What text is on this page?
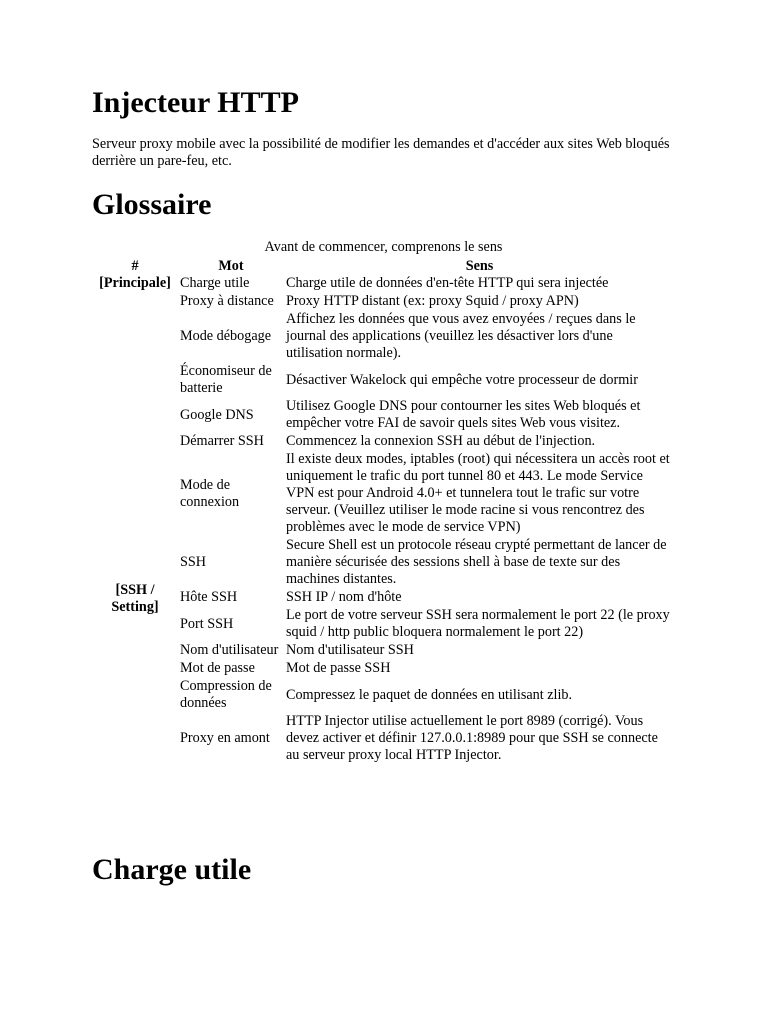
Injecteur HTTP

Serveur proxy mobile avec la possibilité de modifier les demandes et d'accéder aux sites Web bloqués derrière un pare-feu, etc.

Glossaire
Avant de commencer, comprenons le sens
#	Mot	Sens
[Principale]	Charge utile	Charge utile de données d'en-tête HTTP qui sera injectée
	Proxy à distance	Proxy HTTP distant (ex: proxy Squid / proxy APN)
	Mode débogage	Affichez les données que vous avez envoyées / reçues dans le journal des applications (veuillez les désactiver lors d'une utilisation normale).
	Économiseur de batterie	Désactiver Wakelock qui empêche votre processeur de dormir
	Google DNS	Utilisez Google DNS pour contourner les sites Web bloqués et empêcher votre FAI de savoir quels sites Web vous visitez.
[SSH / Setting]	Démarrer SSH	Commencez la connexion SSH au début de l'injection.
	Mode de connexion	Il existe deux modes, iptables (root) qui nécessitera un accès root et uniquement le trafic du port tunnel 80 et 443. Le mode Service VPN est pour Android 4.0+ et tunnelera tout le trafic sur votre serveur. (Veuillez utiliser le mode racine si vous rencontrez des problèmes avec le mode de service VPN)
	SSH	Secure Shell est un protocole réseau crypté permettant de lancer de manière sécurisée des sessions shell à base de texte sur des machines distantes.
	Hôte SSH	SSH IP / nom d'hôte
	Port SSH	Le port de votre serveur SSH sera normalement le port 22 (le proxy squid / http public bloquera normalement le port 22)
	Nom d'utilisateur	Nom d'utilisateur SSH
	Mot de passe	Mot de passe SSH
	Compression de données	Compressez le paquet de données en utilisant zlib.
	Proxy en amont	HTTP Injector utilise actuellement le port 8989 (corrigé). Vous devez activer et définir 127.0.0.1:8989 pour que SSH se connecte au serveur proxy local HTTP Injector.
Charge utile
